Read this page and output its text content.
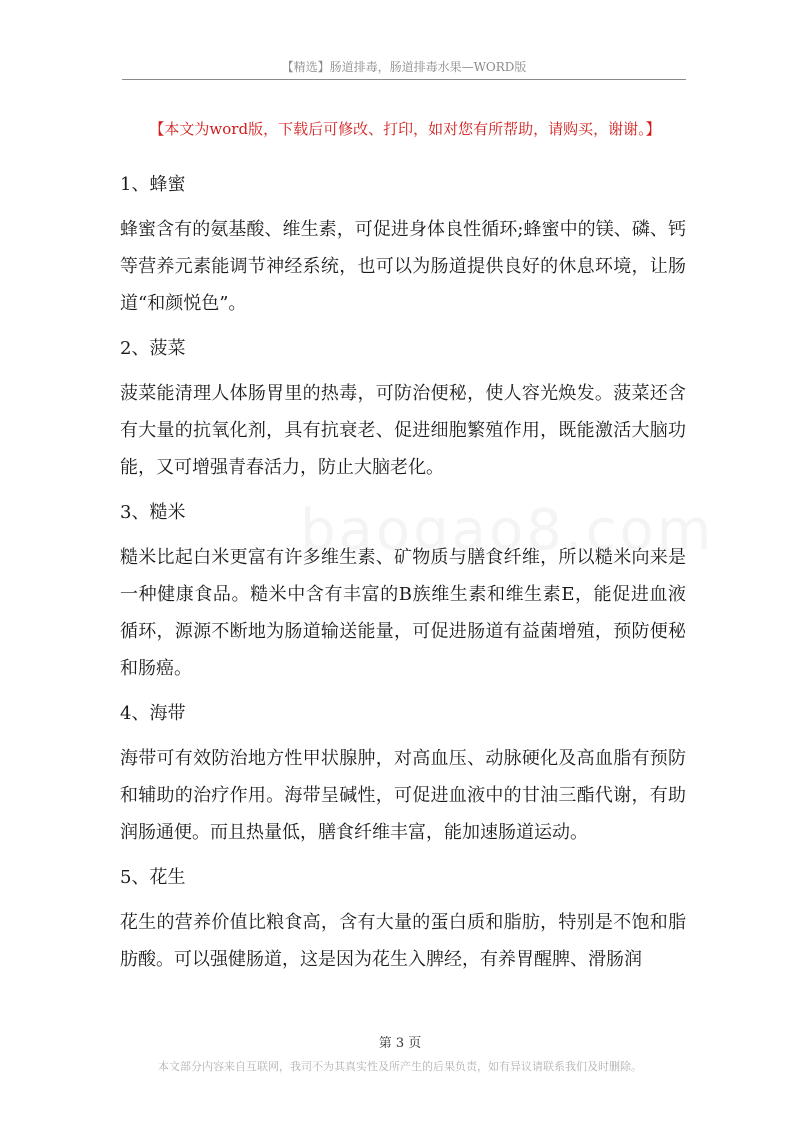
【精选】肠道排毒，肠道排毒水果—WORD版
【本文为word版，下载后可修改、打印，如对您有所帮助，请购买，谢谢。】

1、蜂蜜

蜂蜜含有的氨基酸、维生素，可促进身体良性循环;蜂蜜中的镁、磷、钙等营养元素能调节神经系统，也可以为肠道提供良好的休息环境，让肠道“和颜悦色”。

2、菠菜

菠菜能清理人体肠胃里的热毒，可防治便秘，使人容光焕发。菠菜还含有大量的抗氧化剂，具有抗衰老、促进细胞繁殖作用，既能激活大脑功能，又可增强青春活力，防止大脑老化。

3、糙米

糙米比起白米更富有许多维生素、矿物质与膳食纤维，所以糙米向来是一种健康食品。糙米中含有丰富的B族维生素和维生素E，能促进血液循环，源源不断地为肠道输送能量，可促进肠道有益菌增殖，预防便秘和肠癌。

4、海带

海带可有效防治地方性甲状腺肿，对高血压、动脉硬化及高血脂有预防和辅助的治疗作用。海带呈碱性，可促进血液中的甘油三酯代谢，有助润肠通便。而且热量低，膳食纤维丰富，能加速肠道运动。

5、花生

花生的营养价值比粮食高，含有大量的蛋白质和脂肪，特别是不饱和脂肪酸。可以强健肠道，这是因为花生入脾经，有养胃醒脾、滑肠润

第 3 页
本文部分内容来自互联网，我司不为其真实性及所产生的后果负责，如有异议请联系我们及时删除。
